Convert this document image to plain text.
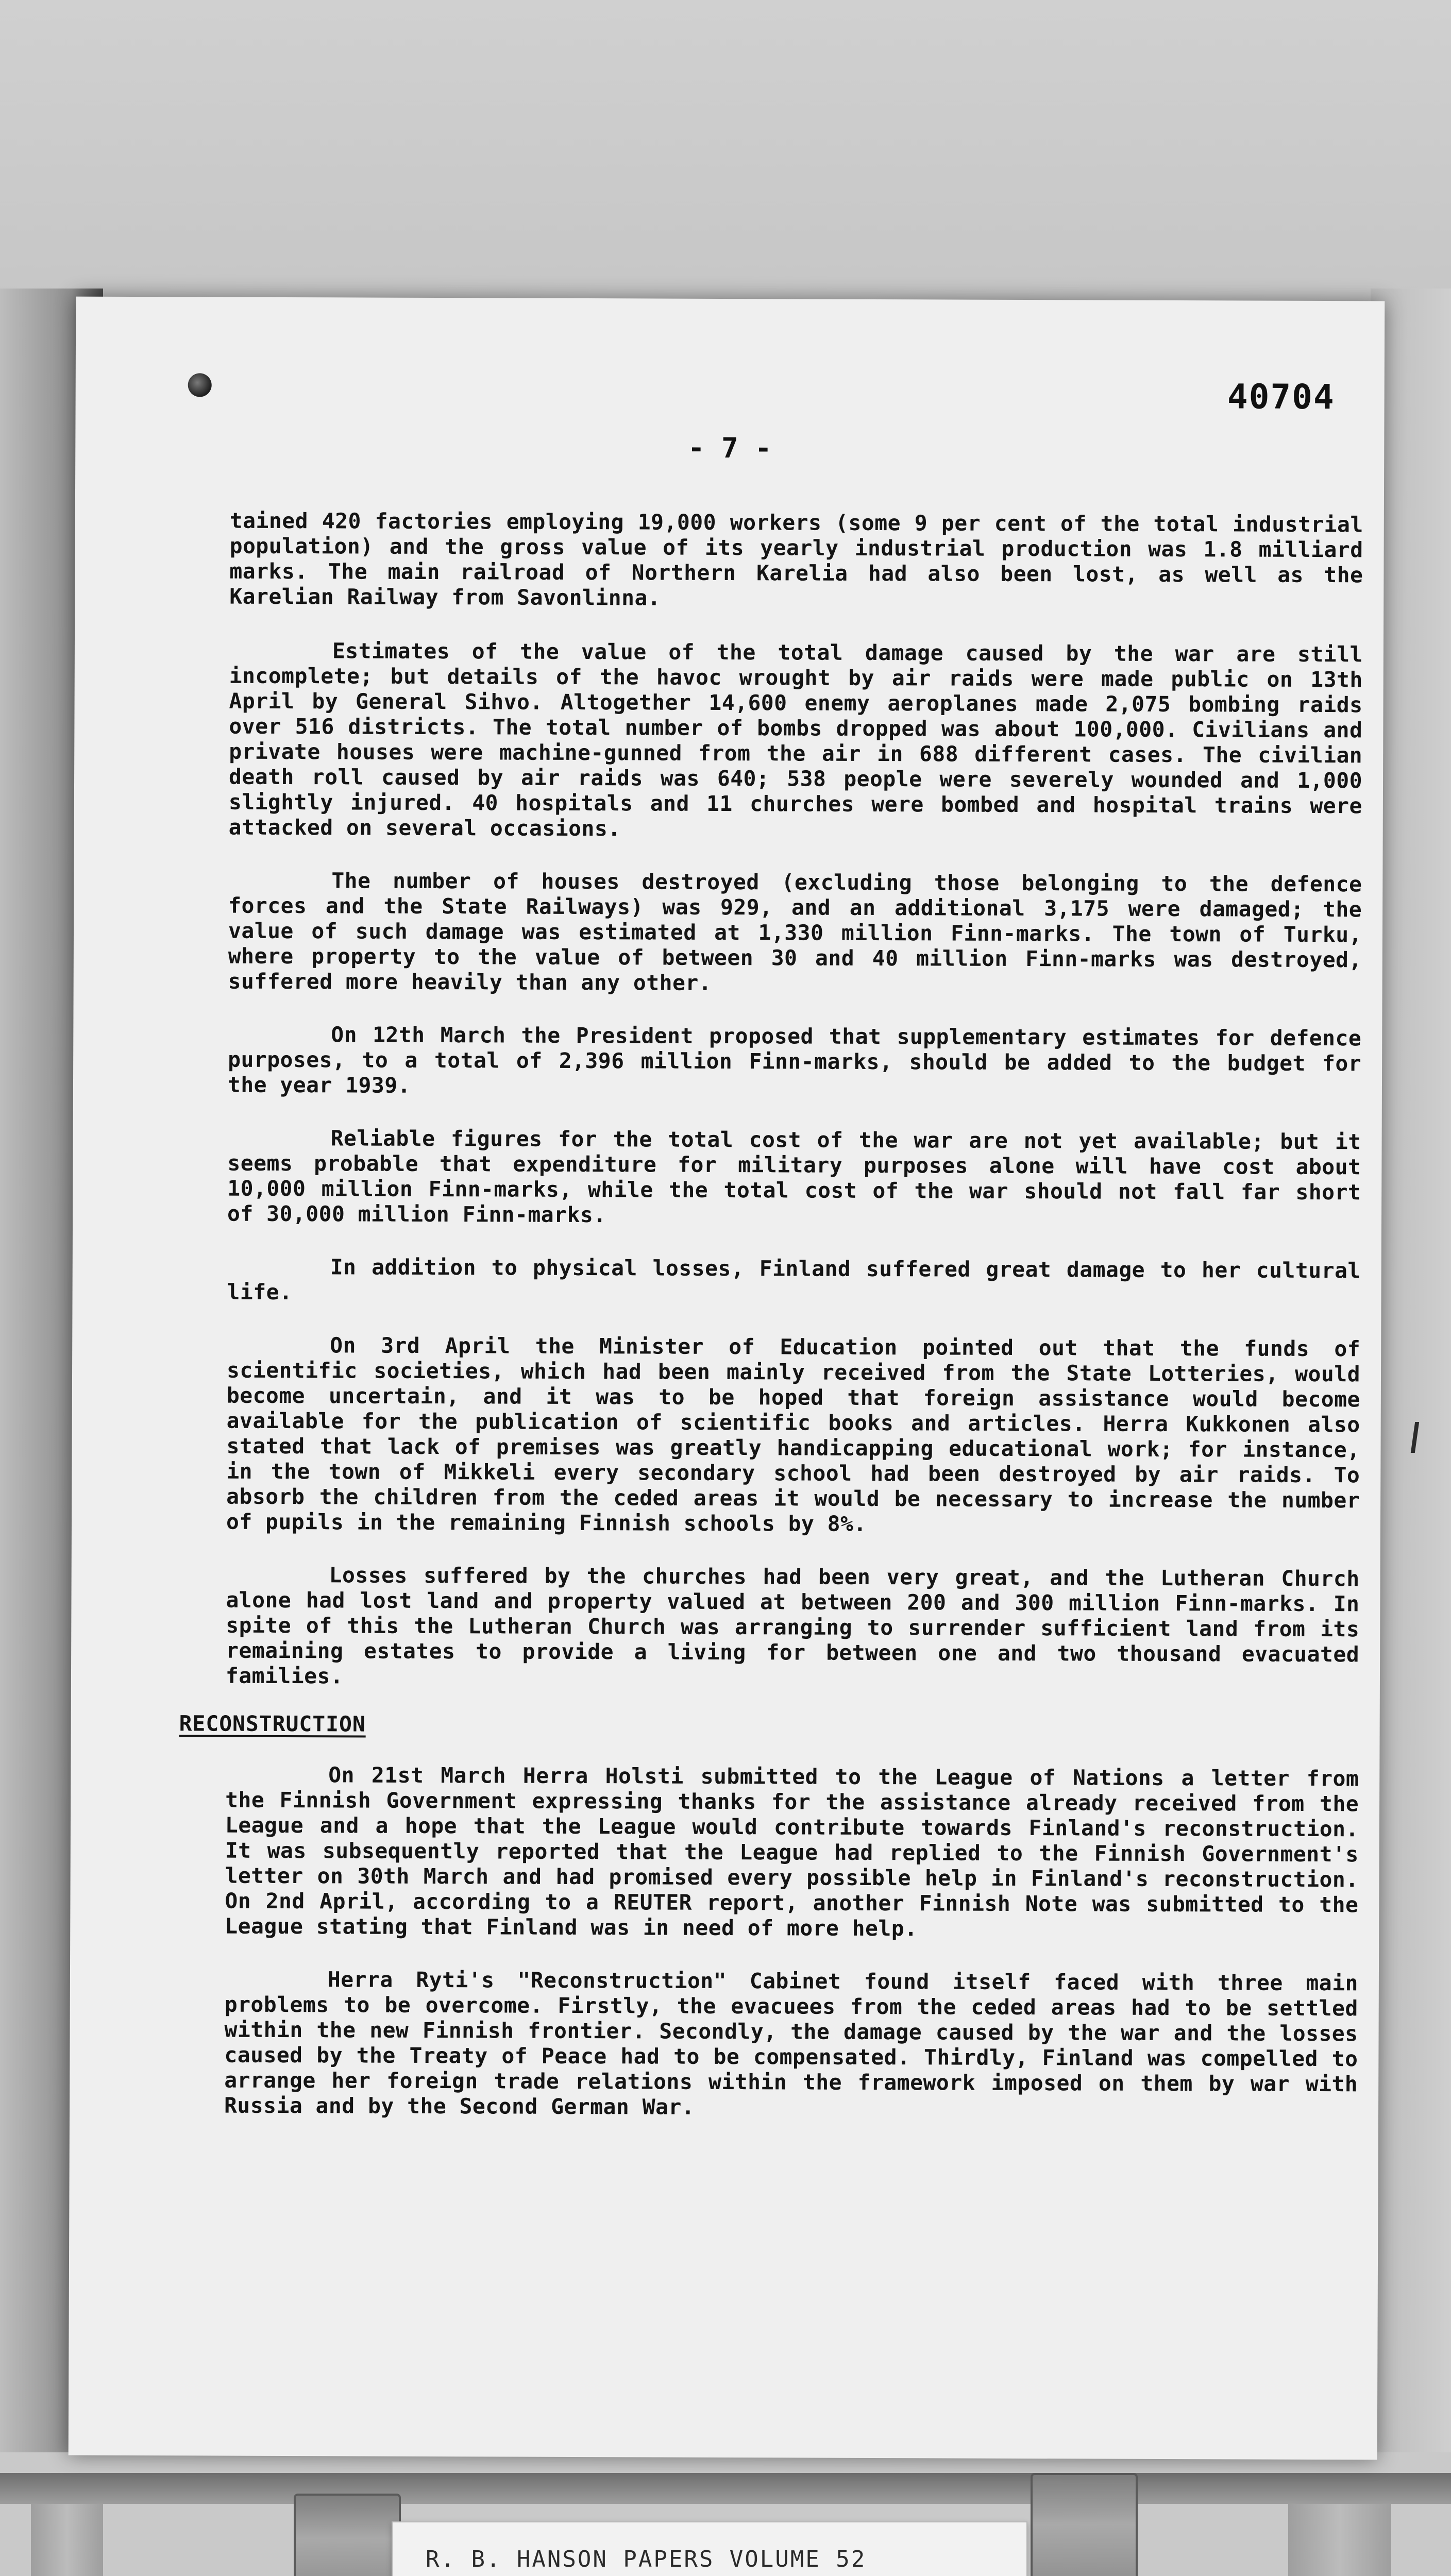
40704
- 7 -

tained 420 factories employing 19,000 workers (some 9 per cent of the total industrial population) and the gross value of its yearly industrial production was 1.8 milliard marks. The main railroad of Northern Karelia had also been lost, as well as the Karelian Railway from Savonlinna.

Estimates of the value of the total damage caused by the war are still incomplete; but details of the havoc wrought by air raids were made public on 13th April by General Sihvo. Altogether 14,600 enemy aeroplanes made 2,075 bombing raids over 516 districts. The total number of bombs dropped was about 100,000. Civilians and private houses were machine-gunned from the air in 688 different cases. The civilian death roll caused by air raids was 640; 538 people were severely wounded and 1,000 slightly injured. 40 hospitals and 11 churches were bombed and hospital trains were attacked on several occasions.

The number of houses destroyed (excluding those belonging to the defence forces and the State Railways) was 929, and an additional 3,175 were damaged; the value of such damage was estimated at 1,330 million Finn-marks. The town of Turku, where property to the value of between 30 and 40 million Finn-marks was destroyed, suffered more heavily than any other.

On 12th March the President proposed that supplementary estimates for defence purposes, to a total of 2,396 million Finn-marks, should be added to the budget for the year 1939.

Reliable figures for the total cost of the war are not yet available; but it seems probable that expenditure for military purposes alone will have cost about 10,000 million Finn-marks, while the total cost of the war should not fall far short of 30,000 million Finn-marks.

In addition to physical losses, Finland suffered great damage to her cultural life.

On 3rd April the Minister of Education pointed out that the funds of scientific societies, which had been mainly received from the State Lotteries, would become uncertain, and it was to be hoped that foreign assistance would become available for the publication of scientific books and articles. Herra Kukkonen also stated that lack of premises was greatly handicapping educational work; for instance, in the town of Mikkeli every secondary school had been destroyed by air raids. To absorb the children from the ceded areas it would be necessary to increase the number of pupils in the remaining Finnish schools by 8%.

Losses suffered by the churches had been very great, and the Lutheran Church alone had lost land and property valued at between 200 and 300 million Finn-marks. In spite of this the Lutheran Church was arranging to surrender sufficient land from its remaining estates to provide a living for between one and two thousand evacuated families.

RECONSTRUCTION

On 21st March Herra Holsti submitted to the League of Nations a letter from the Finnish Government expressing thanks for the assistance already received from the League and a hope that the League would contribute towards Finland's reconstruction. It was subsequently reported that the League had replied to the Finnish Government's letter on 30th March and had promised every possible help in Finland's reconstruction. On 2nd April, according to a REUTER report, another Finnish Note was submitted to the League stating that Finland was in need of more help.

Herra Ryti's "Reconstruction" Cabinet found itself faced with three main problems to be overcome. Firstly, the evacuees from the ceded areas had to be settled within the new Finnish frontier. Secondly, the damage caused by the war and the losses caused by the Treaty of Peace had to be compensated. Thirdly, Finland was compelled to arrange her foreign trade relations within the framework imposed on them by war with Russia and by the Second German War.

R. B. HANSON PAPERS VOLUME 52
